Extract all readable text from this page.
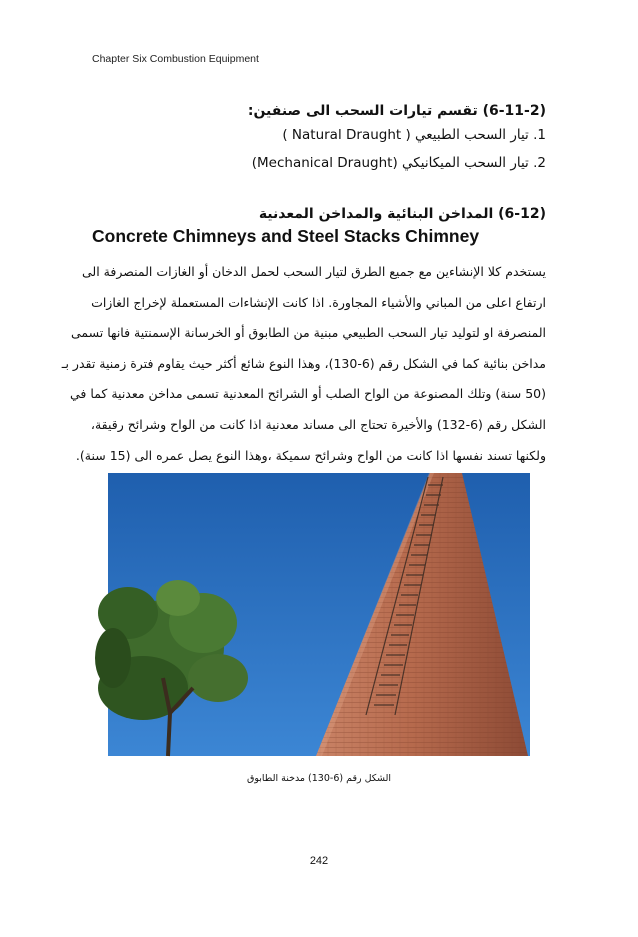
Chapter Six Combustion Equipment
(6-11-2) تقسم تيارات السحب الى صنفين:
1. تيار السحب الطبيعي ( Natural Draught )
2. تيار السحب الميكانيكي (Mechanical Draught)
(6-12) المداخن البنائية والمداخن المعدنية
Concrete Chimneys and Steel Stacks Chimney
يستخدم كلا الإنشاءين مع جميع الطرق لتيار السحب لحمل الدخان أو الغازات المنصرفة الى
ارتفاع اعلى من المباني والأشياء المجاورة. اذا كانت الإنشاءات المستعملة لإخراج الغازات
المنصرفة او لتوليد تيار السحب الطبيعي مبنية من الطابوق أو الخرسانة الإسمنتية فانها تسمى
مداخن بنائية كما في الشكل رقم (6-130)، وهذا النوع شائع أكثر حيث يقاوم فترة زمنية تقدر بـ
(50 سنة) وتلك المصنوعة من الواح الصلب أو الشرائح المعدنية تسمى مداخن معدنية كما في
الشكل رقم (6-132) والأخيرة تحتاج الى مساند معدنية اذا كانت من الواح وشرائح رقيقة،
ولكنها تسند نفسها اذا كانت من الواح وشرائح سميكة ،وهذا النوع يصل عمره الى (15 سنة).
الشكل رقم (6-130) مدخنة الطابوق
242
